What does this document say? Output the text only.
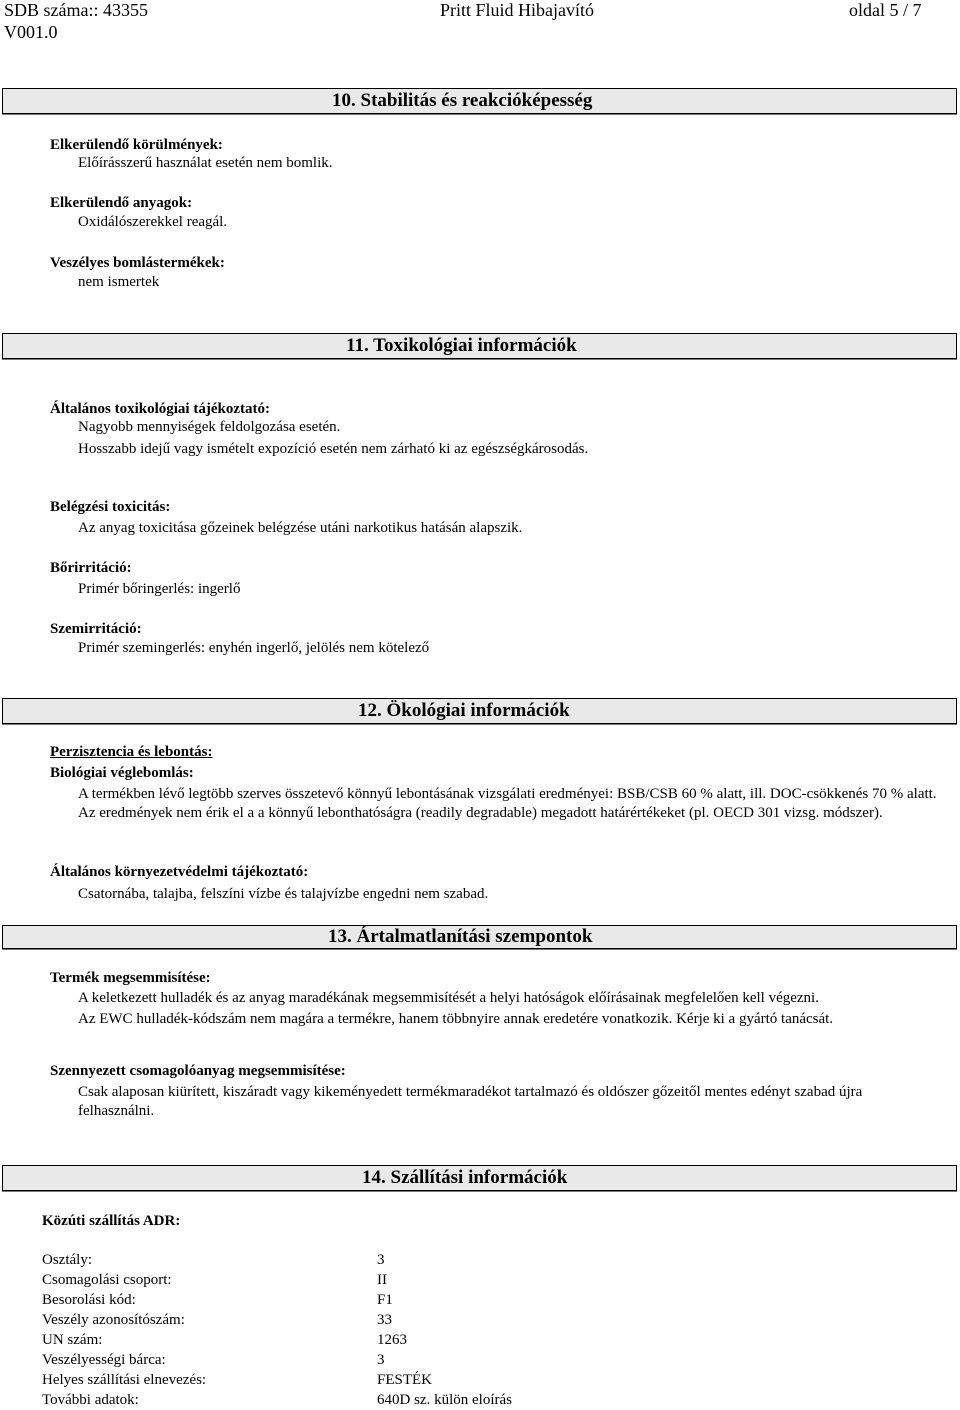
SDB száma:: 43355
V001.0
Pritt Fluid Hibajavító	oldal 5 / 7
10. Stabilitás és reakcióképesség
Elkerülendő körülmények:
Előírásszerű használat esetén nem bomlik.
Elkerülendő anyagok:
Oxidálószerekkel reagál.
Veszélyes bomlástermékek:
nem ismertek
11. Toxikológiai információk
Általános toxikológiai tájékoztató:
Nagyobb mennyiségek feldolgozása esetén.
Hosszabb idejű vagy ismételt expozíció esetén nem zárható ki az egészségkárosodás.
Belégzési toxicitás:
Az anyag toxicitása gőzeinek belégzése utáni narkotikus hatásán alapszik.
Bőrirritáció:
Primér bőringerlés: ingerlő
Szemirritáció:
Primér szemingerlés: enyhén ingerlő, jelölés nem kötelező
12. Ökológiai információk
Perzisztencia és lebontás:
Biológiai véglebomlás:
A termékben lévő legtöbb szerves összetevő könnyű lebontásának vizsgálati eredményei: BSB/CSB 60 % alatt, ill. DOC-csökkenés 70 % alatt. Az eredmények nem érik el a a könnyű lebonthatóságra (readily degradable) megadott határértékeket (pl. OECD 301 vizsg. módszer).
Általános környezetvédelmi tájékoztató:
Csatornába, talajba, felszíni vízbe és talajvízbe engedni nem szabad.
13. Ártalmatlanítási szempontok
Termék megsemmisítése:
A keletkezett hulladék és az anyag maradékának megsemmisítését a helyi hatóságok előírásainak megfelelően kell végezni.
Az EWC hulladék-kódszám nem magára a termékre, hanem többnyire annak eredetére vonatkozik. Kérje ki a gyártó tanácsát.
Szennyezett csomagolóanyag megsemmisítése:
Csak alaposan kiürített, kiszáradt vagy kikeményedett termékmaradékot tartalmazó és oldószer gőzeitől mentes edényt szabad újra felhasználni.
14. Szállítási információk
Közúti szállítás ADR:
Osztály:	3
Csomagolási csoport:	II
Besorolási kód:	F1
Veszély azonosítószám:	33
UN szám:	1263
Veszélyességi bárca:	3
Helyes szállítási elnevezés:	FESTÉK
További adatok:	640D sz. külön eloírás
